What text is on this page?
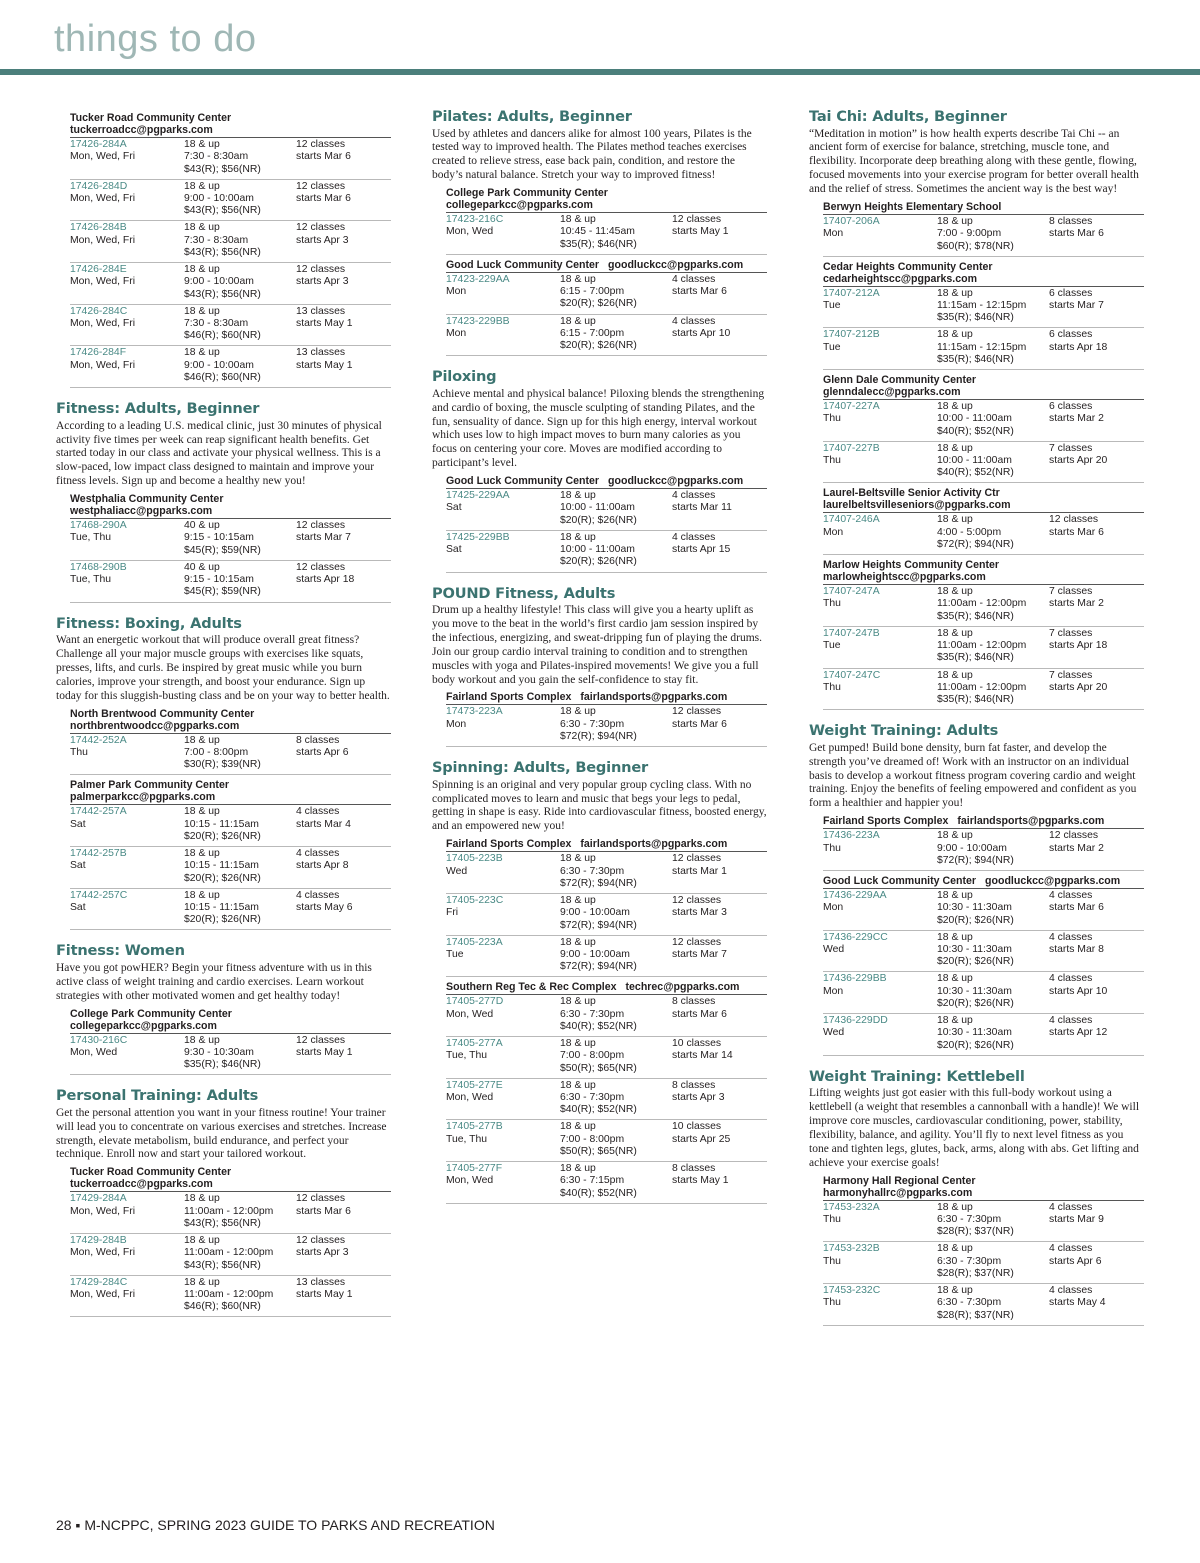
things to do
Tucker Road Community Center
tuckerroadcc@pgparks.com
17426-284A
Mon, Wed, Fri
18 & up
7:30 - 8:30am
$43(R); $56(NR)
12 classes
starts Mar 6
17426-284D
Mon, Wed, Fri
18 & up
9:00 - 10:00am
$43(R); $56(NR)
12 classes
starts Mar 6
17426-284B
Mon, Wed, Fri
18 & up
7:30 - 8:30am
$43(R); $56(NR)
12 classes
starts Apr 3
17426-284E
Mon, Wed, Fri
18 & up
9:00 - 10:00am
$43(R); $56(NR)
12 classes
starts Apr 3
17426-284C
Mon, Wed, Fri
18 & up
7:30 - 8:30am
$46(R); $60(NR)
13 classes
starts May 1
17426-284F
Mon, Wed, Fri
18 & up
9:00 - 10:00am
$46(R); $60(NR)
13 classes
starts May 1
Fitness: Adults, Beginner
According to a leading U.S. medical clinic, just 30 minutes of physical activity five times per week can reap significant health benefits. Get started today in our class and activate your physical wellness. This is a slow-paced, low impact class designed to maintain and improve your fitness levels. Sign up and become a healthy new you!
Westphalia Community Center
westphaliacc@pgparks.com
17468-290A
Tue, Thu
40 & up
9:15 - 10:15am
$45(R); $59(NR)
12 classes
starts Mar 7
17468-290B
Tue, Thu
40 & up
9:15 - 10:15am
$45(R); $59(NR)
12 classes
starts Apr 18
Fitness: Boxing, Adults
Want an energetic workout that will produce overall great fitness? Challenge all your major muscle groups with exercises like squats, presses, lifts, and curls. Be inspired by great music while you burn calories, improve your strength, and boost your endurance. Sign up today for this sluggish-busting class and be on your way to better health.
North Brentwood Community Center
northbrentwoodcc@pgparks.com
17442-252A
Thu
18 & up
7:00 - 8:00pm
$30(R); $39(NR)
8 classes
starts Apr 6
Palmer Park Community Center
palmerparkcc@pgparks.com
17442-257A
Sat
18 & up
10:15 - 11:15am
$20(R); $26(NR)
4 classes
starts Mar 4
17442-257B
Sat
18 & up
10:15 - 11:15am
$20(R); $26(NR)
4 classes
starts Apr 8
17442-257C
Sat
18 & up
10:15 - 11:15am
$20(R); $26(NR)
4 classes
starts May 6
Fitness: Women
Have you got powHER? Begin your fitness adventure with us in this active class of weight training and cardio exercises. Learn workout strategies with other motivated women and get healthy today!
College Park Community Center
collegeparkcc@pgparks.com
17430-216C
Mon, Wed
18 & up
9:30 - 10:30am
$35(R); $46(NR)
12 classes
starts May 1
Personal Training: Adults
Get the personal attention you want in your fitness routine! Your trainer will lead you to concentrate on various exercises and stretches. Increase strength, elevate metabolism, build endurance, and perfect your technique. Enroll now and start your tailored workout.
Tucker Road Community Center
tuckerroadcc@pgparks.com
17429-284A
Mon, Wed, Fri
18 & up
11:00am - 12:00pm
$43(R); $56(NR)
12 classes
starts Mar 6
17429-284B
Mon, Wed, Fri
18 & up
11:00am - 12:00pm
$43(R); $56(NR)
12 classes
starts Apr 3
17429-284C
Mon, Wed, Fri
18 & up
11:00am - 12:00pm
$46(R); $60(NR)
13 classes
starts May 1
Pilates: Adults, Beginner
Used by athletes and dancers alike for almost 100 years, Pilates is the tested way to improved health. The Pilates method teaches exercises created to relieve stress, ease back pain, condition, and restore the body’s natural balance. Stretch your way to improved fitness!
College Park Community Center
collegeparkcc@pgparks.com
17423-216C
Mon, Wed
18 & up
10:45 - 11:45am
$35(R); $46(NR)
12 classes
starts May 1
Good Luck Community Center goodluckcc@pgparks.com
17423-229AA
Mon
18 & up
6:15 - 7:00pm
$20(R); $26(NR)
4 classes
starts Mar 6
17423-229BB
Mon
18 & up
6:15 - 7:00pm
$20(R); $26(NR)
4 classes
starts Apr 10
Piloxing
Achieve mental and physical balance! Piloxing blends the strengthening and cardio of boxing, the muscle sculpting of standing Pilates, and the fun, sensuality of dance. Sign up for this high energy, interval workout which uses low to high impact moves to burn many calories as you focus on centering your core. Moves are modified according to participant’s level.
Good Luck Community Center goodluckcc@pgparks.com
17425-229AA
Sat
18 & up
10:00 - 11:00am
$20(R); $26(NR)
4 classes
starts Mar 11
17425-229BB
Sat
18 & up
10:00 - 11:00am
$20(R); $26(NR)
4 classes
starts Apr 15
POUND Fitness, Adults
Drum up a healthy lifestyle! This class will give you a hearty uplift as you move to the beat in the world’s first cardio jam session inspired by the infectious, energizing, and sweat-dripping fun of playing the drums. Join our group cardio interval training to condition and to strengthen muscles with yoga and Pilates-inspired movements! We give you a full body workout and you gain the self-confidence to stay fit.
Fairland Sports Complex fairlandsports@pgparks.com
17473-223A
Mon
18 & up
6:30 - 7:30pm
$72(R); $94(NR)
12 classes
starts Mar 6
Spinning: Adults, Beginner
Spinning is an original and very popular group cycling class. With no complicated moves to learn and music that begs your legs to pedal, getting in shape is easy. Ride into cardiovascular fitness, boosted energy, and an empowered new you!
Fairland Sports Complex fairlandsports@pgparks.com
17405-223B
Wed
18 & up
6:30 - 7:30pm
$72(R); $94(NR)
12 classes
starts Mar 1
17405-223C
Fri
18 & up
9:00 - 10:00am
$72(R); $94(NR)
12 classes
starts Mar 3
17405-223A
Tue
18 & up
9:00 - 10:00am
$72(R); $94(NR)
12 classes
starts Mar 7
Southern Reg Tec & Rec Complex techrec@pgparks.com
17405-277D
Mon, Wed
18 & up
6:30 - 7:30pm
$40(R); $52(NR)
8 classes
starts Mar 6
17405-277A
Tue, Thu
18 & up
7:00 - 8:00pm
$50(R); $65(NR)
10 classes
starts Mar 14
17405-277E
Mon, Wed
18 & up
6:30 - 7:30pm
$40(R); $52(NR)
8 classes
starts Apr 3
17405-277B
Tue, Thu
18 & up
7:00 - 8:00pm
$50(R); $65(NR)
10 classes
starts Apr 25
17405-277F
Mon, Wed
18 & up
6:30 - 7:15pm
$40(R); $52(NR)
8 classes
starts May 1
Tai Chi: Adults, Beginner
“Meditation in motion” is how health experts describe Tai Chi -- an ancient form of exercise for balance, stretching, muscle tone, and flexibility. Incorporate deep breathing along with these gentle, flowing, focused movements into your exercise program for better overall health and the relief of stress. Sometimes the ancient way is the best way!
Berwyn Heights Elementary School
17407-206A
Mon
18 & up
7:00 - 9:00pm
$60(R); $78(NR)
8 classes
starts Mar 6
Cedar Heights Community Center
cedarheightscc@pgparks.com
17407-212A
Tue
18 & up
11:15am - 12:15pm
$35(R); $46(NR)
6 classes
starts Mar 7
17407-212B
Tue
18 & up
11:15am - 12:15pm
$35(R); $46(NR)
6 classes
starts Apr 18
Glenn Dale Community Center
glenndalecc@pgparks.com
17407-227A
Thu
18 & up
10:00 - 11:00am
$40(R); $52(NR)
6 classes
starts Mar 2
17407-227B
Thu
18 & up
10:00 - 11:00am
$40(R); $52(NR)
7 classes
starts Apr 20
Laurel-Beltsville Senior Activity Ctr
laurelbeltsvilleseniors@pgparks.com
17407-246A
Mon
18 & up
4:00 - 5:00pm
$72(R); $94(NR)
12 classes
starts Mar 6
Marlow Heights Community Center
marlowheightscc@pgparks.com
17407-247A
Thu
18 & up
11:00am - 12:00pm
$35(R); $46(NR)
7 classes
starts Mar 2
17407-247B
Tue
18 & up
11:00am - 12:00pm
$35(R); $46(NR)
7 classes
starts Apr 18
17407-247C
Thu
18 & up
11:00am - 12:00pm
$35(R); $46(NR)
7 classes
starts Apr 20
Weight Training: Adults
Get pumped! Build bone density, burn fat faster, and develop the strength you’ve dreamed of! Work with an instructor on an individual basis to develop a workout fitness program covering cardio and weight training. Enjoy the benefits of feeling empowered and confident as you form a healthier and happier you!
Fairland Sports Complex fairlandsports@pgparks.com
17436-223A
Thu
18 & up
9:00 - 10:00am
$72(R); $94(NR)
12 classes
starts Mar 2
Good Luck Community Center goodluckcc@pgparks.com
17436-229AA
Mon
18 & up
10:30 - 11:30am
$20(R); $26(NR)
4 classes
starts Mar 6
17436-229CC
Wed
18 & up
10:30 - 11:30am
$20(R); $26(NR)
4 classes
starts Mar 8
17436-229BB
Mon
18 & up
10:30 - 11:30am
$20(R); $26(NR)
4 classes
starts Apr 10
17436-229DD
Wed
18 & up
10:30 - 11:30am
$20(R); $26(NR)
4 classes
starts Apr 12
Weight Training: Kettlebell
Lifting weights just got easier with this full-body workout using a kettlebell (a weight that resembles a cannonball with a handle)! We will improve core muscles, cardiovascular conditioning, power, stability, flexibility, balance, and agility. You’ll fly to next level fitness as you tone and tighten legs, glutes, back, arms, along with abs. Get lifting and achieve your exercise goals!
Harmony Hall Regional Center
harmonyhallrc@pgparks.com
17453-232A
Thu
18 & up
6:30 - 7:30pm
$28(R); $37(NR)
4 classes
starts Mar 9
17453-232B
Thu
18 & up
6:30 - 7:30pm
$28(R); $37(NR)
4 classes
starts Apr 6
17453-232C
Thu
18 & up
6:30 - 7:30pm
$28(R); $37(NR)
4 classes
starts May 4
28 ▪ M-NCPPC, SPRING 2023 GUIDE TO PARKS AND RECREATION
